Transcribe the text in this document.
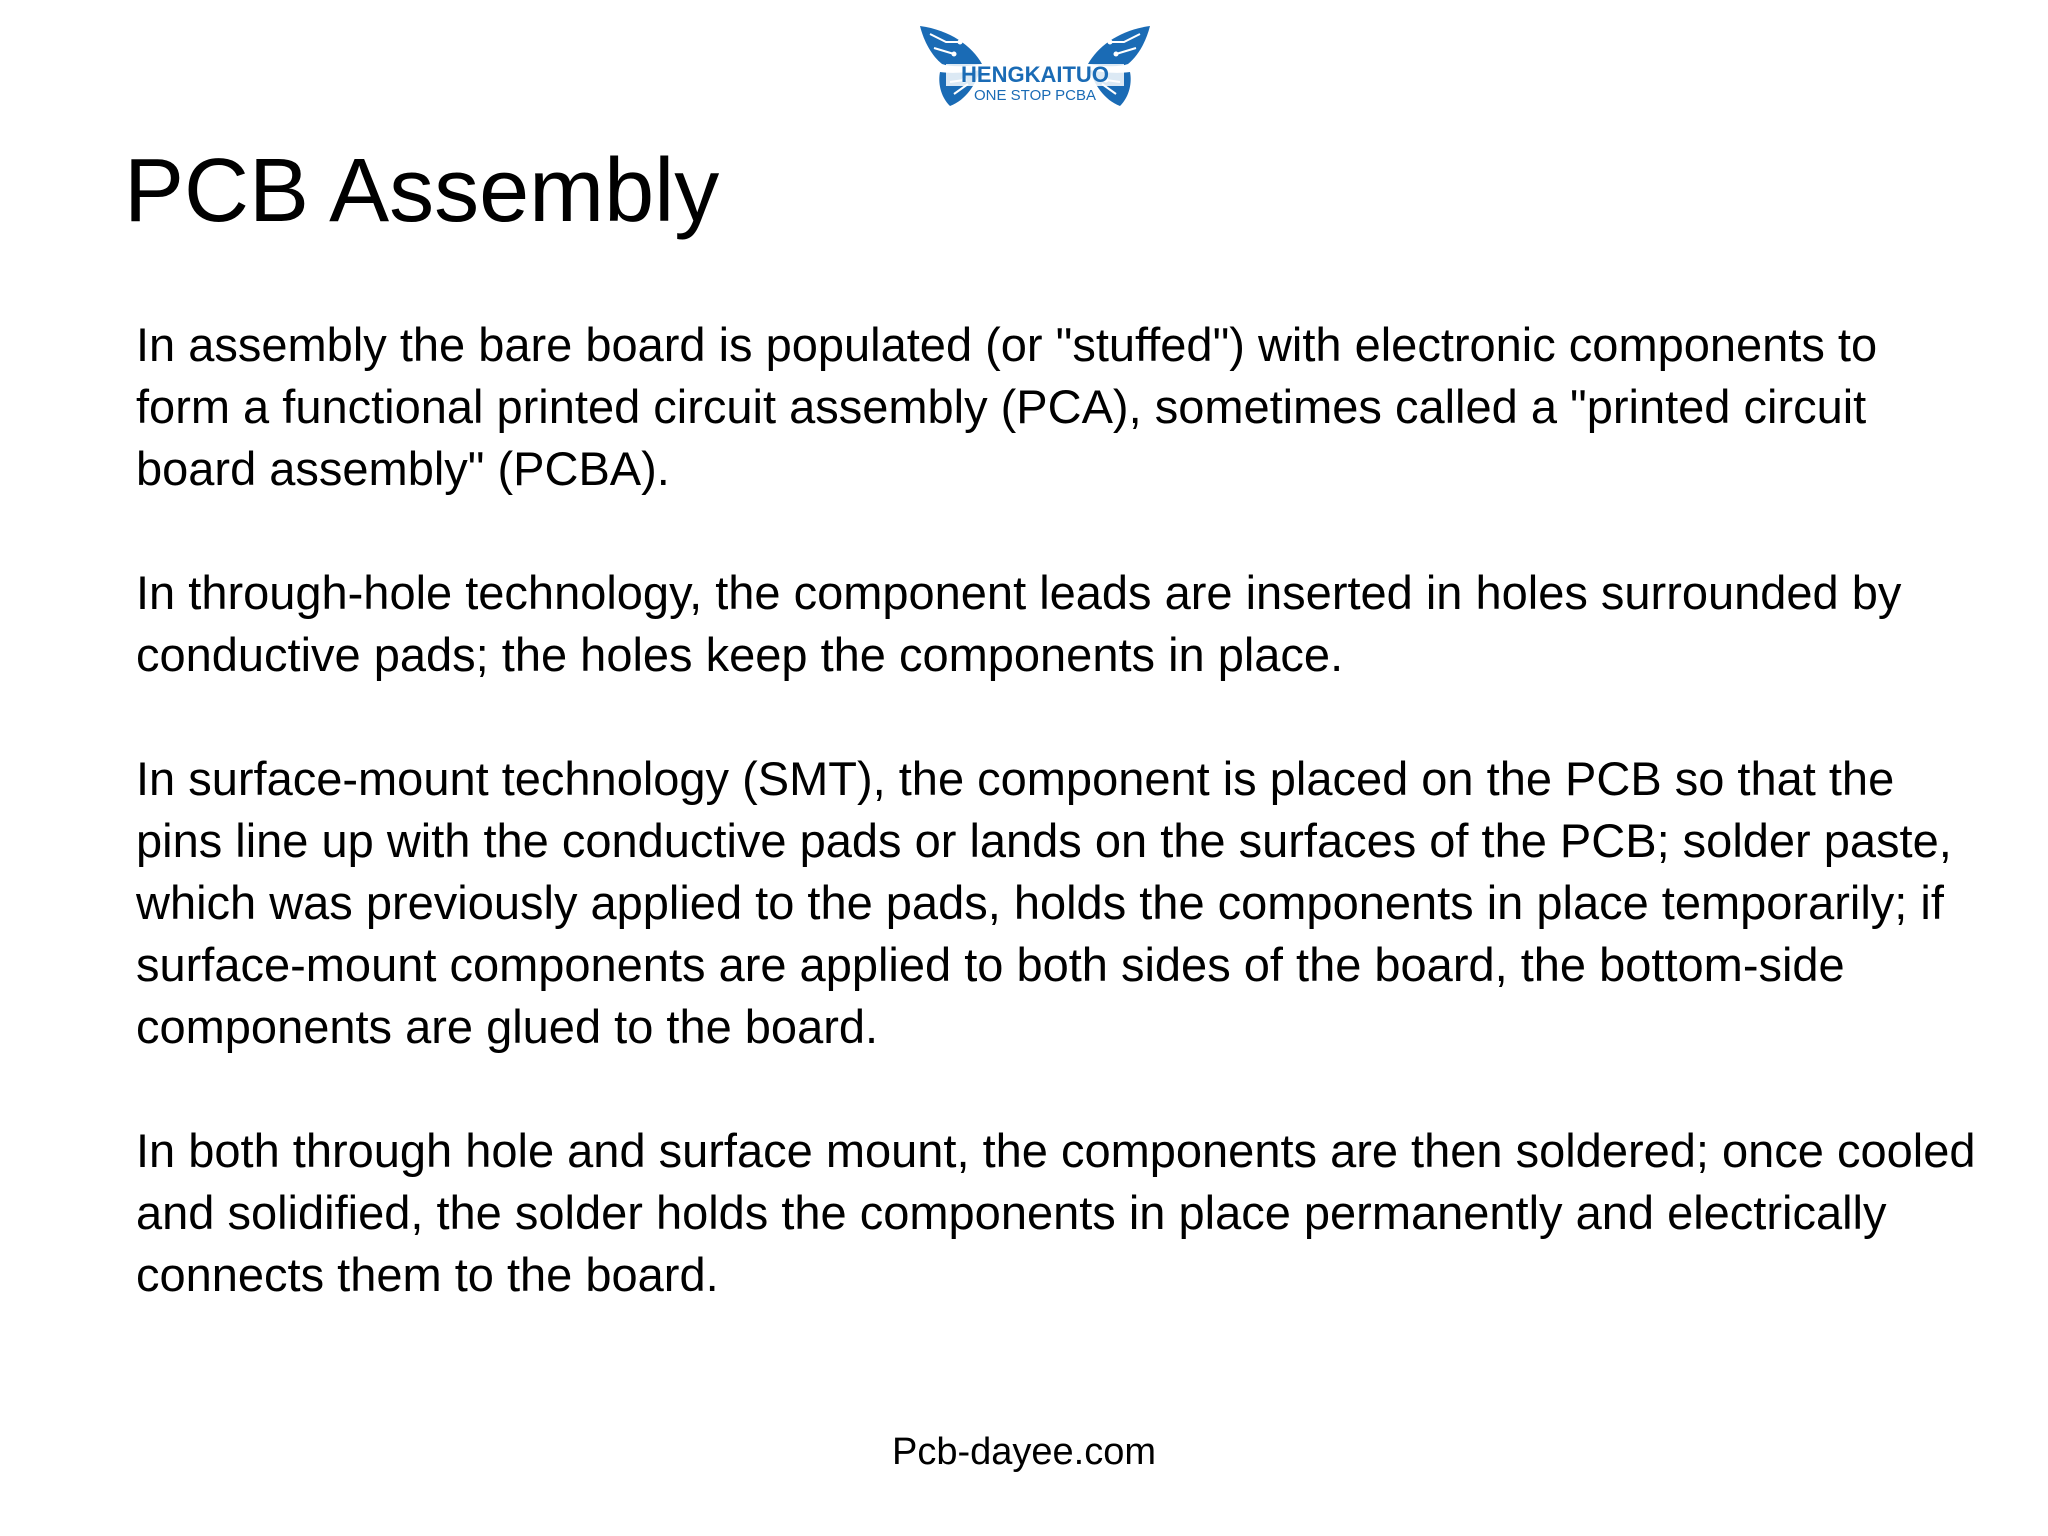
HENGKAITUO
ONE STOP PCBA
PCB Assembly

In assembly the bare board is populated (or "stuffed") with electronic components to form a functional printed circuit assembly (PCA), sometimes called a "printed circuit board assembly" (PCBA).

In through-hole technology, the component leads are inserted in holes surrounded by conductive pads; the holes keep the components in place.

In surface-mount technology (SMT), the component is placed on the PCB so that the pins line up with the conductive pads or lands on the surfaces of the PCB; solder paste, which was previously applied to the pads, holds the components in place temporarily; if surface-mount components are applied to both sides of the board, the bottom-side components are glued to the board.

In both through hole and surface mount, the components are then soldered; once cooled and solidified, the solder holds the components in place permanently and electrically connects them to the board.

Pcb-dayee.com
